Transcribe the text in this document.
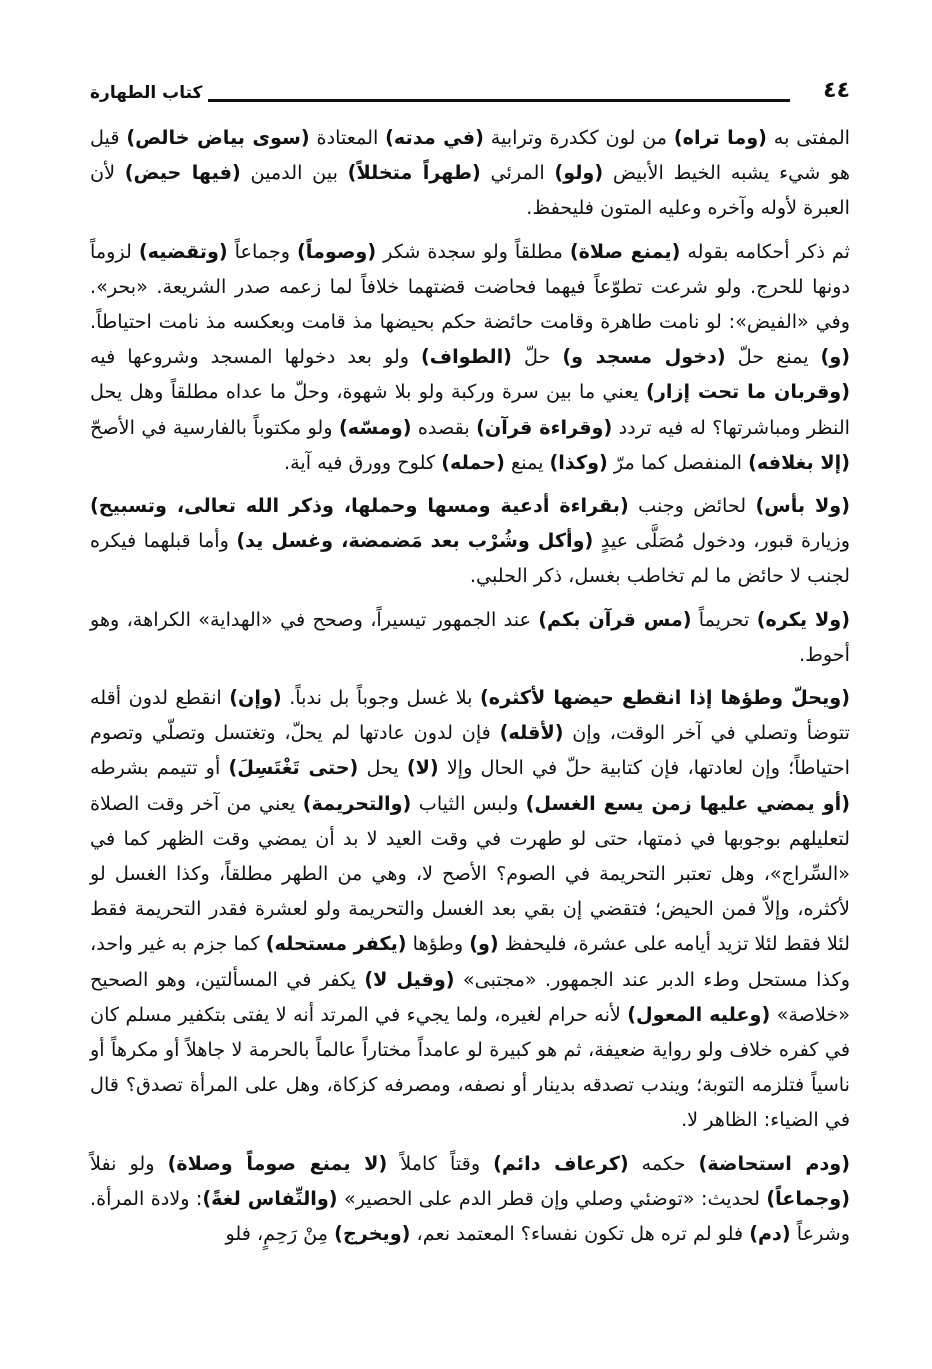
٤٤
كتاب الطهارة

المفتى به (وما تراه) من لون ككدرة وترابية (في مدته) المعتادة (سوى بياض خالص) قيل هو شيء يشبه الخيط الأبيض (ولو) المرئي (طهراً متخللاً) بين الدمين (فيها حيض) لأن العبرة لأوله وآخره وعليه المتون فليحفظ.

ثم ذكر أحكامه بقوله (يمنع صلاة) مطلقاً ولو سجدة شكر (وصوماً) وجماعاً (وتقضيه) لزوماً دونها للحرج. ولو شرعت تطوّعاً فيهما فحاضت قضتهما خلافاً لما زعمه صدر الشريعة. «بحر». وفي «الفيض»: لو نامت طاهرة وقامت حائضة حكم بحيضها مذ قامت وبعكسه مذ نامت احتياطاً. (و) يمنع حلّ (دخول مسجد و) حلّ (الطواف) ولو بعد دخولها المسجد وشروعها فيه (وقربان ما تحت إزار) يعني ما بين سرة وركبة ولو بلا شهوة، وحلّ ما عداه مطلقاً وهل يحل النظر ومباشرتها؟ له فيه تردد (وقراءة قرآن) بقصده (ومسّه) ولو مكتوباً بالفارسية في الأصحّ (إلا بغلافه) المنفصل كما مرّ (وكذا) يمنع (حمله) كلوح وورق فيه آية.

(ولا بأس) لحائض وجنب (بقراءة أدعية ومسها وحملها، وذكر الله تعالى، وتسبيح) وزيارة قبور، ودخول مُصَلَّى عيدٍ (وأكل وشُرْب بعد مَضمضة، وغسل يد) وأما قبلهما فيكره لجنب لا حائض ما لم تخاطب بغسل، ذكر الحلبي.

(ولا يكره) تحريماً (مس قرآن بكم) عند الجمهور تيسيراً، وصحح في «الهداية» الكراهة، وهو أحوط.

(ويحلّ وطؤها إذا انقطع حيضها لأكثره) بلا غسل وجوباً بل ندباً. (وإن) انقطع لدون أقله تتوضأ وتصلي في آخر الوقت، وإن (لأقله) فإن لدون عادتها لم يحلّ، وتغتسل وتصلّي وتصوم احتياطاً؛ وإن لعادتها، فإن كتابية حلّ في الحال وإلا (لا) يحل (حتى تَغْتَسِلَ) أو تتيمم بشرطه (أو يمضي عليها زمن يسع الغسل) ولبس الثياب (والتحريمة) يعني من آخر وقت الصلاة لتعليلهم بوجوبها في ذمتها، حتى لو طهرت في وقت العيد لا بد أن يمضي وقت الظهر كما في «السِّراج»، وهل تعتبر التحريمة في الصوم؟ الأصح لا، وهي من الطهر مطلقاً، وكذا الغسل لو لأكثره، وإلاّ فمن الحيض؛ فتقضي إن بقي بعد الغسل والتحريمة ولو لعشرة فقدر التحريمة فقط لئلا فقط لئلا تزيد أيامه على عشرة، فليحفظ (و) وطؤها (يكفر مستحله) كما جزم به غير واحد، وكذا مستحل وطء الدبر عند الجمهور. «مجتبى» (وقيل لا) يكفر في المسألتين، وهو الصحيح «خلاصة» (وعليه المعول) لأنه حرام لغيره، ولما يجيء في المرتد أنه لا يفتى بتكفير مسلم كان في كفره خلاف ولو رواية ضعيفة، ثم هو كبيرة لو عامداً مختاراً عالماً بالحرمة لا جاهلاً أو مكرهاً أو ناسياً فتلزمه التوبة؛ ويندب تصدقه بدينار أو نصفه، ومصرفه كزكاة، وهل على المرأة تصدق؟ قال في الضياء: الظاهر لا.

(ودم استحاضة) حكمه (كرعاف دائم) وقتاً كاملاً (لا يمنع صوماً وصلاة) ولو نفلاً (وجماعاً) لحديث: «توضئي وصلي وإن قطر الدم على الحصير» (والنِّفاس لغةً): ولادة المرأة. وشرعاً (دم) فلو لم تره هل تكون نفساء؟ المعتمد نعم، (ويخرج) مِنْ رَحِمٍ، فلو
